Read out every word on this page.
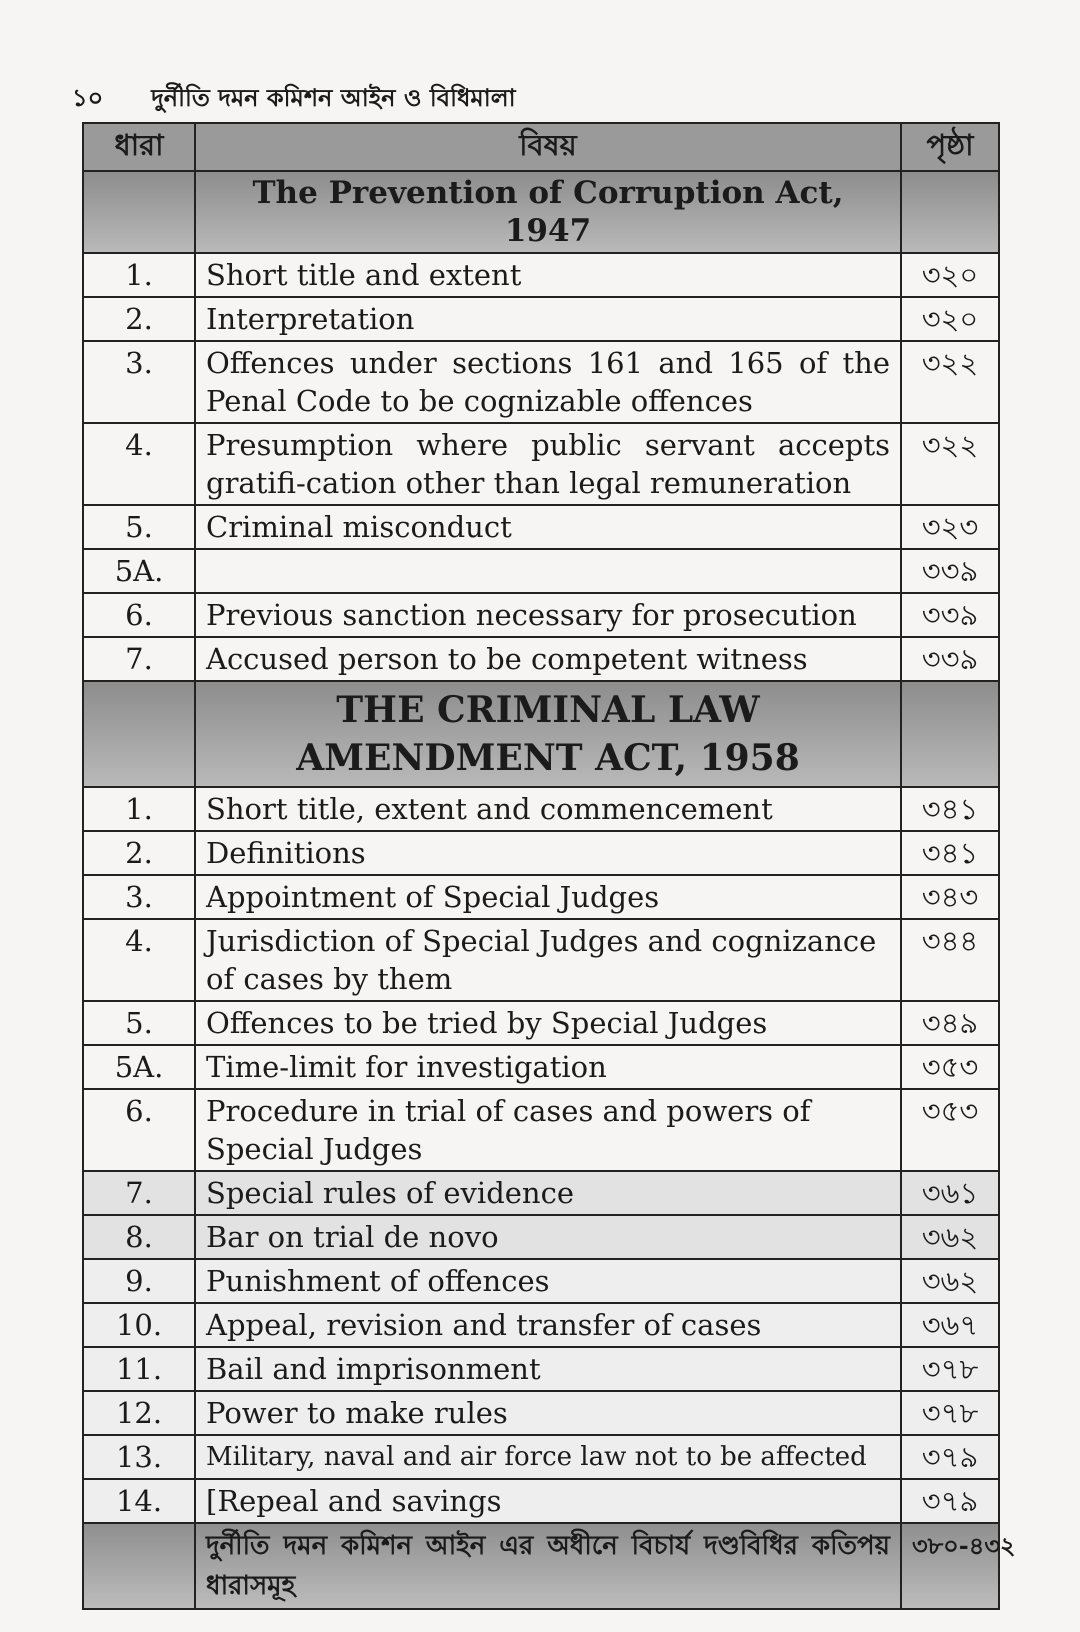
১০ দুর্নীতি দমন কমিশন আইন ও বিধিমালা
ধারা	বিষয়	পৃষ্ঠা
	The Prevention of Corruption Act, 1947	
1.	Short title and extent	৩২০
2.	Interpretation	৩২০
3.	Offences under sections 161 and 165 of the Penal Code to be cognizable offences	৩২২
4.	Presumption where public servant accepts gratifi-cation other than legal remuneration	৩২২
5.	Criminal misconduct	৩২৩
5A.		৩৩৯
6.	Previous sanction necessary for prosecution	৩৩৯
7.	Accused person to be competent witness	৩৩৯

	THE CRIMINAL LAW
AMENDMENT ACT, 1958	

1.	Short title, extent and commencement	৩৪১
2.	Definitions	৩৪১
3.	Appointment of Special Judges	৩৪৩
4.	Jurisdiction of Special Judges and cognizance of cases by them	৩৪৪
5.	Offences to be tried by Special Judges	৩৪৯
5A.	Time-limit for investigation	৩৫৩
6.	Procedure in trial of cases and powers of Special Judges	৩৫৩
7.	Special rules of evidence	৩৬১
8.	Bar on trial de novo	৩৬২
9.	Punishment of offences	৩৬২
10.	Appeal, revision and transfer of cases	৩৬৭
11.	Bail and imprisonment	৩৭৮
12.	Power to make rules	৩৭৮
13.	Military, naval and air force law not to be affected	৩৭৯
14.	[Repeal and savings	৩৭৯
	দুর্নীতি দমন কমিশন আইন এর অধীনে বিচার্য দণ্ডবিধির কতিপয় ধারাসমূহ	৩৮০-৪৩২
